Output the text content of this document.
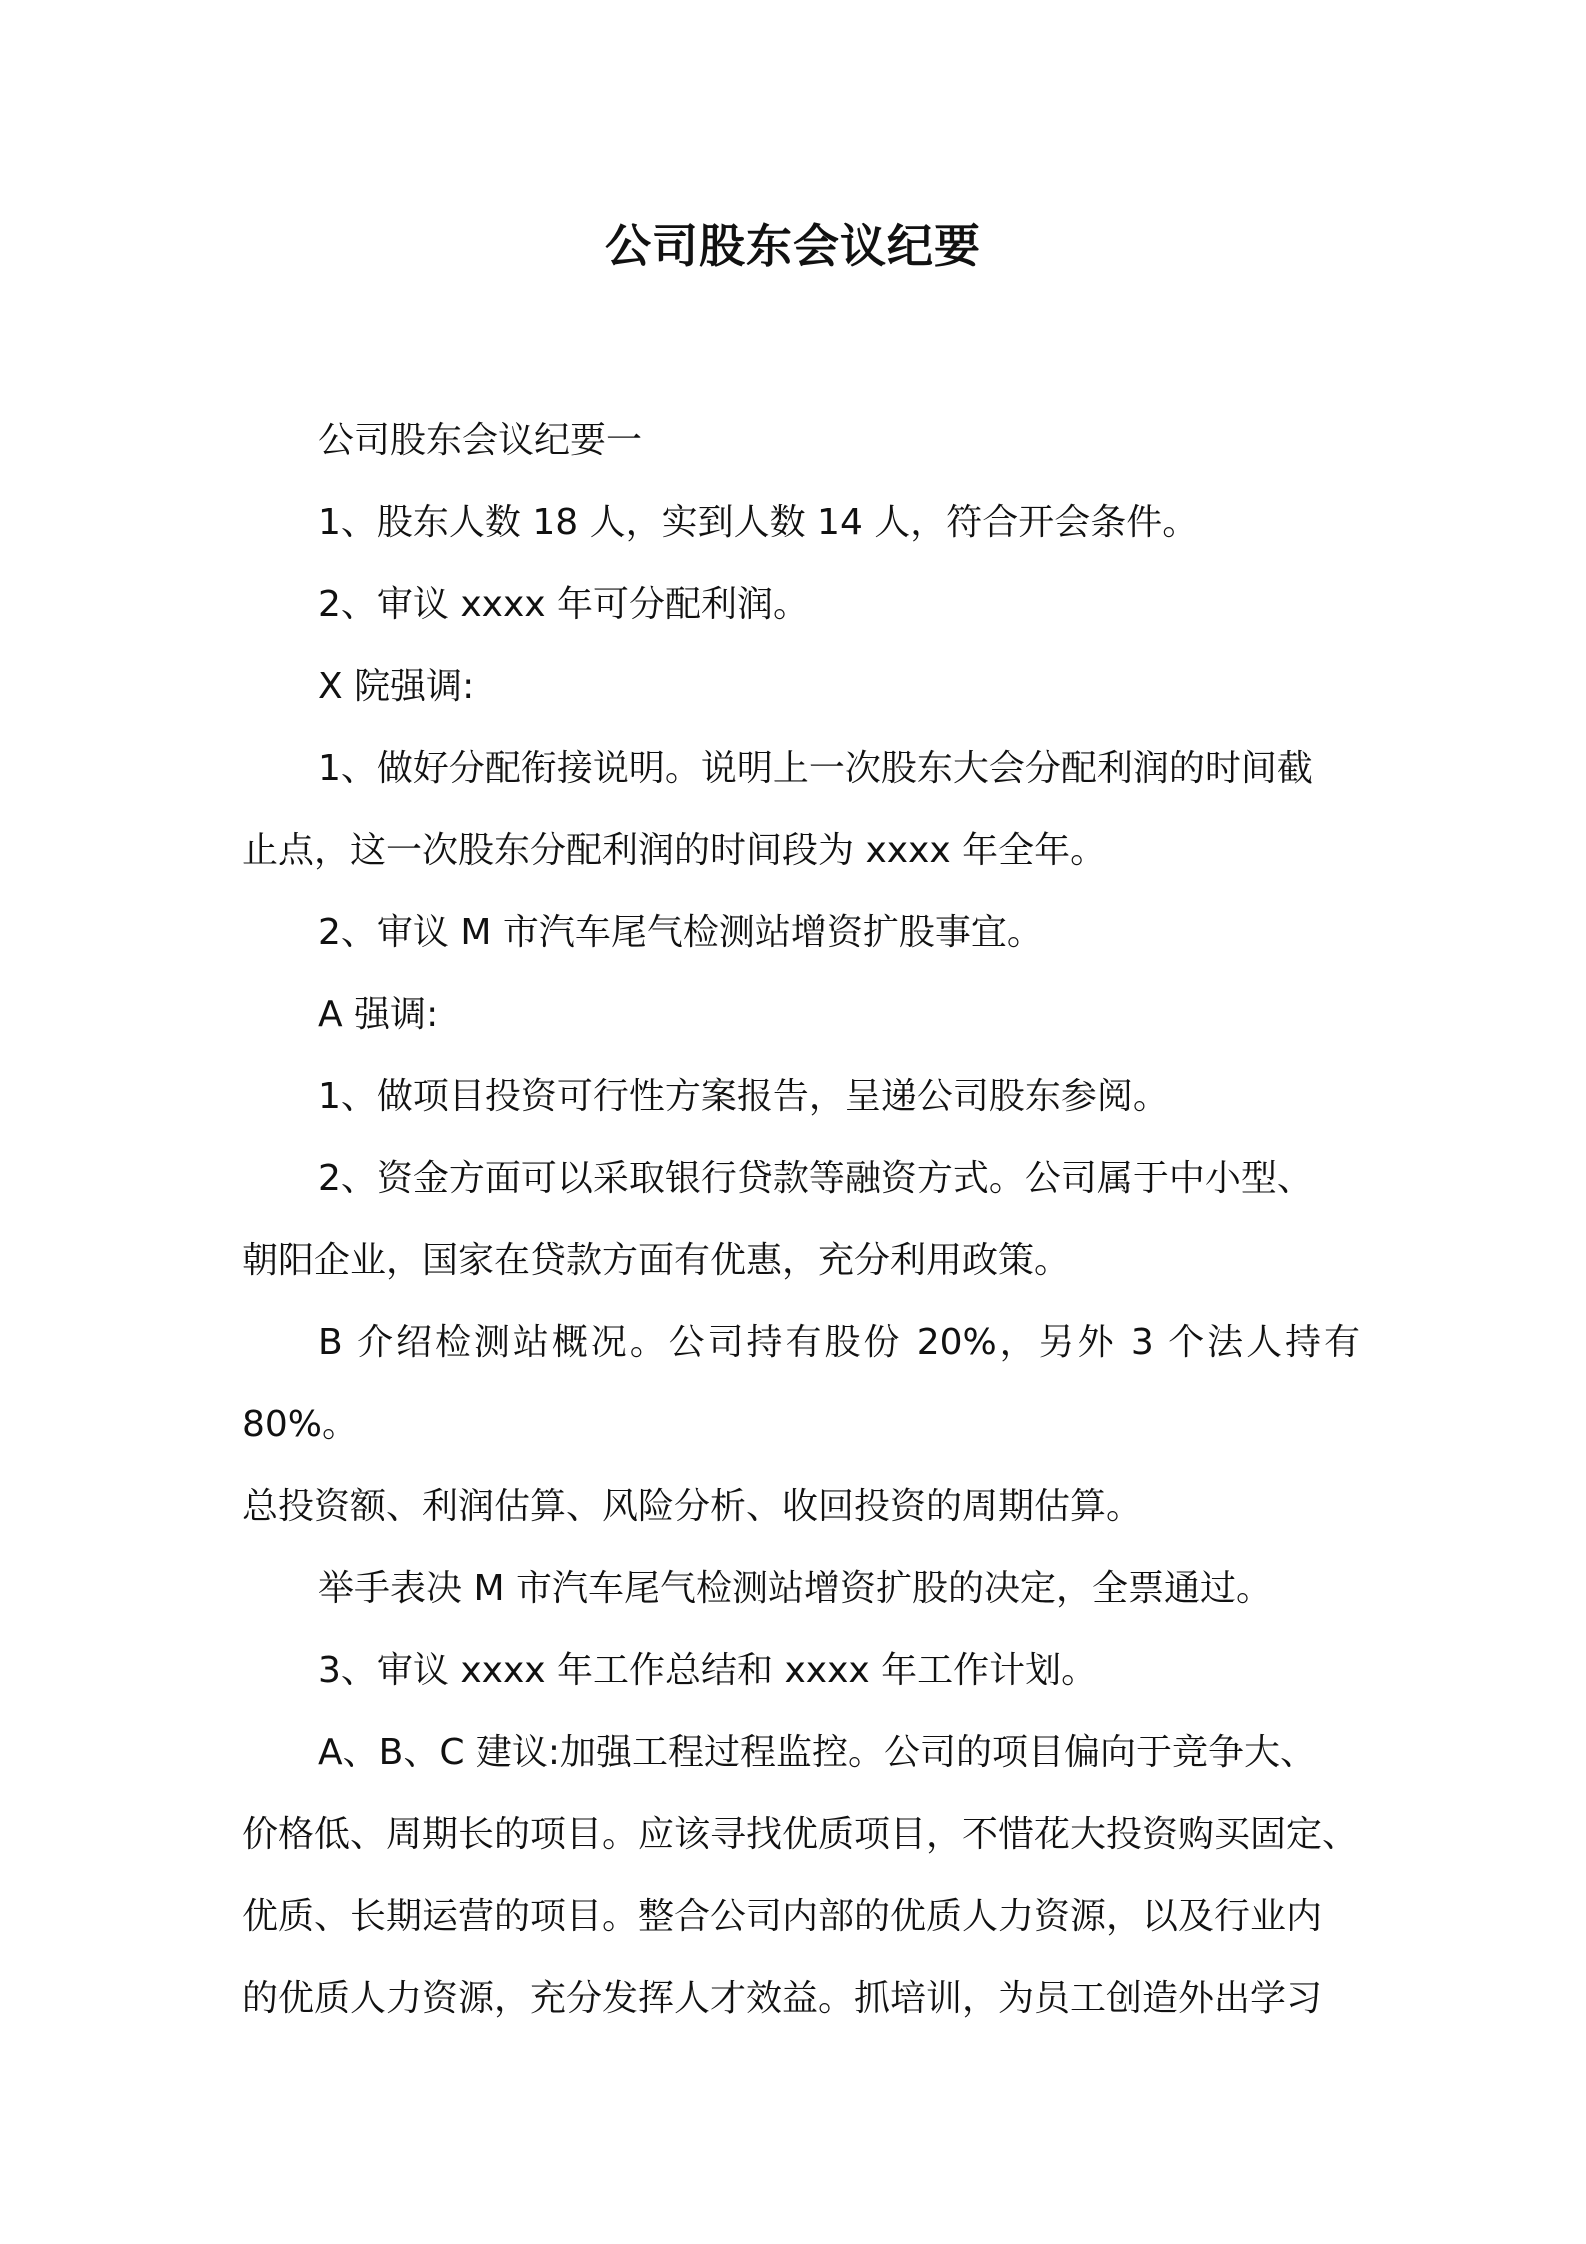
公司股东会议纪要

公司股东会议纪要一

1、股东人数 18 人，实到人数 14 人，符合开会条件。

2、审议 xxxx 年可分配利润。

X 院强调:

1、做好分配衔接说明。说明上一次股东大会分配利润的时间截
止点，这一次股东分配利润的时间段为 xxxx 年全年。

2、审议 M 市汽车尾气检测站增资扩股事宜。

A 强调:

1、做项目投资可行性方案报告，呈递公司股东参阅。

2、资金方面可以采取银行贷款等融资方式。公司属于中小型、
朝阳企业，国家在贷款方面有优惠，充分利用政策。

B 介绍检测站概况。公司持有股份 20%，另外 3 个法人持有 80%。
总投资额、利润估算、风险分析、收回投资的周期估算。

举手表决 M 市汽车尾气检测站增资扩股的决定，全票通过。

3、审议 xxxx 年工作总结和 xxxx 年工作计划。

A、B、C 建议:加强工程过程监控。公司的项目偏向于竞争大、
价格低、周期长的项目。应该寻找优质项目，不惜花大投资购买固定、
优质、长期运营的项目。整合公司内部的优质人力资源，以及行业内
的优质人力资源，充分发挥人才效益。抓培训，为员工创造外出学习
